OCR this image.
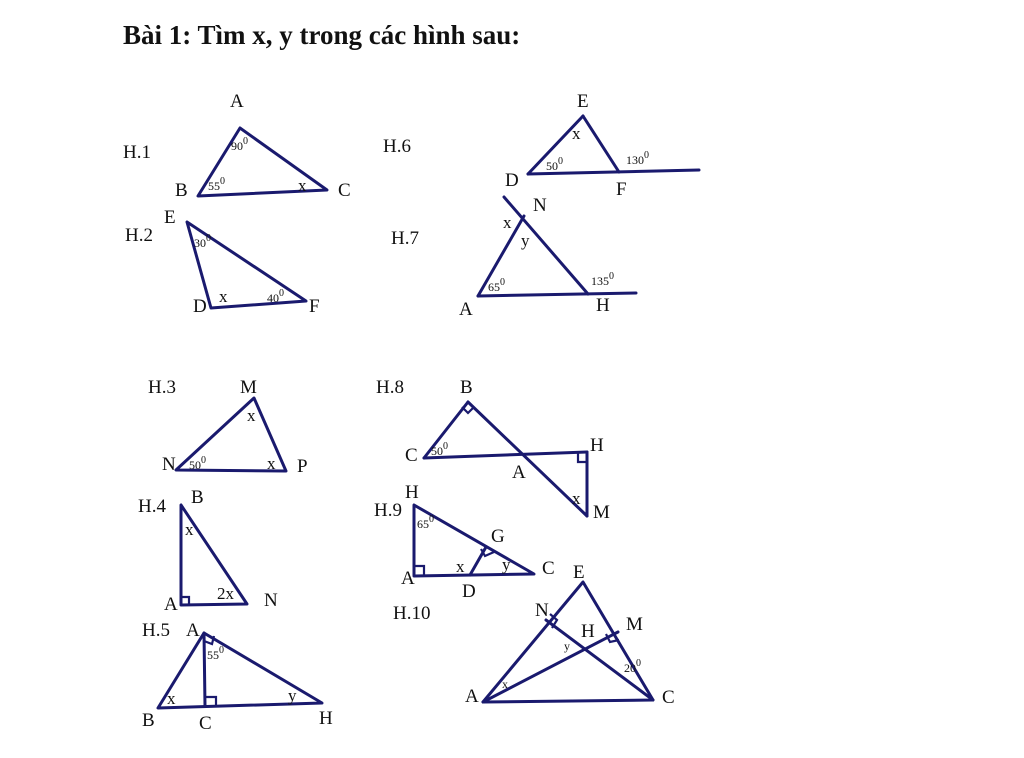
Bài 1: Tìm x, y trong các hình sau:
H.1
A
B	C
$90^0$
$55^0$	x
H.2
E
D	F
$30^0$
$40^0$
x
H.3	M
N	P
$50^0$
x
x
H.4 B
A	N
x
2x
H.5 A
B C	H
$55^0$
x	y
H.6
E
D	F
x
$50^0$	$130^0$
H.7
N
A	H
x
y
$65^0$	$135^0$
H.8	B
C
A
H
M
$50^0$
x
H.9
H
A
G
C
D
$65^0$
x y
H.10
E
N
H M
A	C
$20^0$
x
y
